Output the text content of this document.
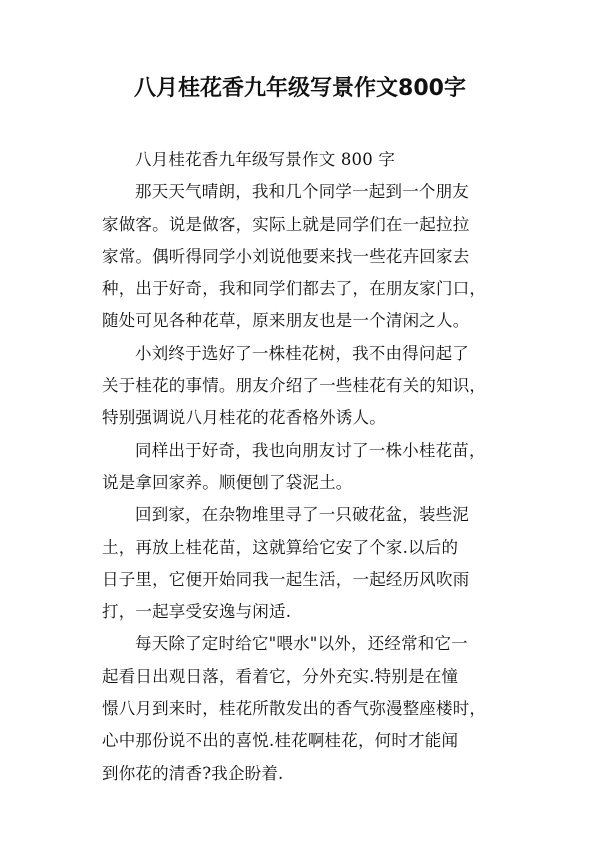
八月桂花香九年级写景作文800字
八月桂花香九年级写景作文 800 字
那天天气晴朗，我和几个同学一起到一个朋友
家做客。说是做客，实际上就是同学们在一起拉拉
家常。偶听得同学小刘说他要来找一些花卉回家去
种，出于好奇，我和同学们都去了，在朋友家门口，
随处可见各种花草，原来朋友也是一个清闲之人。
小刘终于选好了一株桂花树，我不由得问起了
关于桂花的事情。朋友介绍了一些桂花有关的知识，
特别强调说八月桂花的花香格外诱人。
同样出于好奇，我也向朋友讨了一株小桂花苗，
说是拿回家养。顺便刨了袋泥土。
回到家，在杂物堆里寻了一只破花盆，装些泥
土，再放上桂花苗，这就算给它安了个家.以后的
日子里，它便开始同我一起生活，一起经历风吹雨
打，一起享受安逸与闲适.
每天除了定时给它"喂水"以外，还经常和它一
起看日出观日落，看着它，分外充实.特别是在憧
憬八月到来时，桂花所散发出的香气弥漫整座楼时，
心中那份说不出的喜悦.桂花啊桂花，何时才能闻
到你花的清香?我企盼着.
